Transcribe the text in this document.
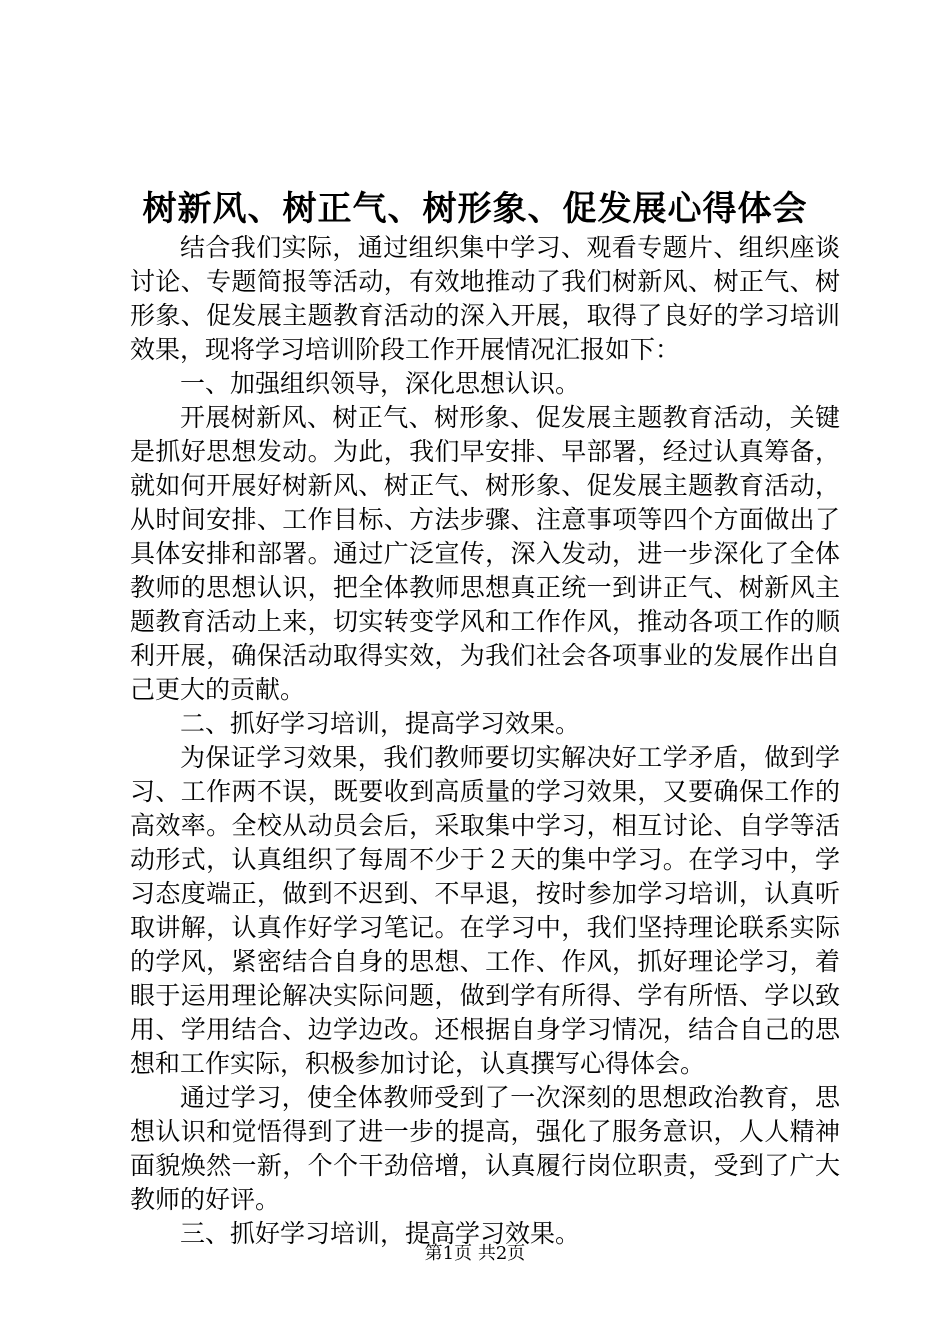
树新风、树正气、树形象、促发展心得体会

结合我们实际，通过组织集中学习、观看专题片、组织座谈讨论、专题简报等活动，有效地推动了我们树新风、树正气、树形象、促发展主题教育活动的深入开展，取得了良好的学习培训效果，现将学习培训阶段工作开展情况汇报如下：

一、加强组织领导，深化思想认识。

开展树新风、树正气、树形象、促发展主题教育活动，关键是抓好思想发动。为此，我们早安排、早部署，经过认真筹备，就如何开展好树新风、树正气、树形象、促发展主题教育活动，从时间安排、工作目标、方法步骤、注意事项等四个方面做出了具体安排和部署。通过广泛宣传，深入发动，进一步深化了全体教师的思想认识，把全体教师思想真正统一到讲正气、树新风主题教育活动上来，切实转变学风和工作作风，推动各项工作的顺利开展，确保活动取得实效，为我们社会各项事业的发展作出自己更大的贡献。

二、抓好学习培训，提高学习效果。

为保证学习效果，我们教师要切实解决好工学矛盾，做到学习、工作两不误，既要收到高质量的学习效果，又要确保工作的高效率。全校从动员会后，采取集中学习，相互讨论、自学等活动形式，认真组织了每周不少于２天的集中学习。在学习中，学习态度端正，做到不迟到、不早退，按时参加学习培训，认真听取讲解，认真作好学习笔记。在学习中，我们坚持理论联系实际的学风，紧密结合自身的思想、工作、作风，抓好理论学习，着眼于运用理论解决实际问题，做到学有所得、学有所悟、学以致用、学用结合、边学边改。还根据自身学习情况，结合自己的思想和工作实际，积极参加讨论，认真撰写心得体会。

通过学习，使全体教师受到了一次深刻的思想政治教育，思想认识和觉悟得到了进一步的提高，强化了服务意识，人人精神面貌焕然一新，个个干劲倍增，认真履行岗位职责，受到了广大教师的好评。

三、抓好学习培训，提高学习效果。

第1页 共2页
